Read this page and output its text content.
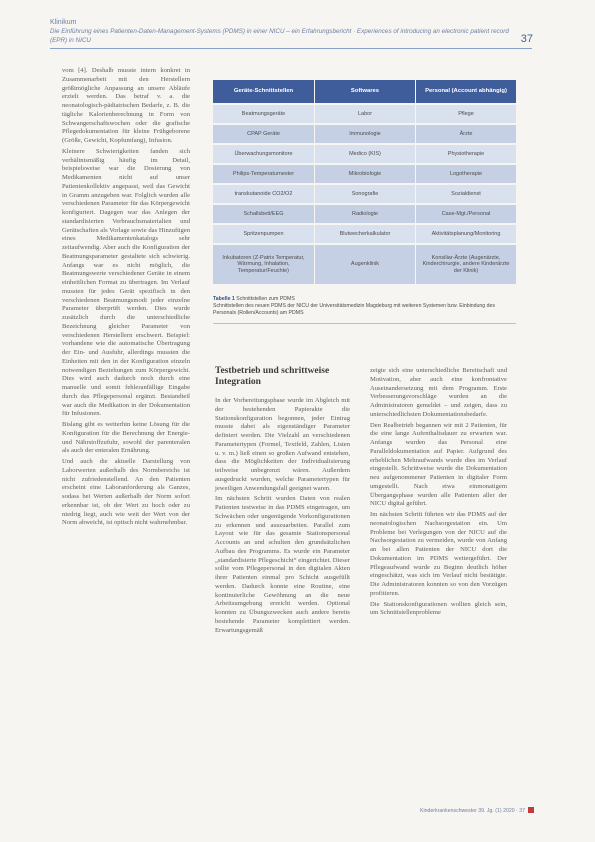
Klinikum
Die Einführung eines Patienten-Daten-Management-Systems (PDMS) in einer NICU – ein Erfahrungsbericht · Experiences of introducing an electronic patient record (EPR) in NICU	37

vom [4]. Deshalb musste intern konkret in Zusammenarbeit mit den Herstellern größtmögliche Anpassung an unsere Abläufe erzielt werden. Das betraf v. a. die neonatologisch-pädiatrischen Bedarfe, z. B. die tägliche Kalorienberechnung in Form von Schwangerschaftswochen oder die grafische Pflegedokumentation für kleine Frühgeborene (Größe, Gewicht, Kopfumfang), Infusion.

Kleinere Schwierigkeiten fanden sich verhältnismäßig häufig im Detail, beispielsweise war die Dosierung von Medikamenten nicht auf unser Patientenkollektiv angepasst, weil das Gewicht in Gramm anzugeben war. Folglich wurden alle verschiedenen Parameter für das Körpergewicht konfiguriert. Dagegen war das Anlegen der standardisierten Verbrauchsmaterialien und Gerätschaften als Vorlage sowie das Hinzufügen eines Medikamentenkatalogs sehr zeitaufwendig. Aber auch die Konfiguration der Beatmungsparameter gestaltete sich schwierig. Anfangs war es nicht möglich, die Beatmungswerte verschiedener Geräte in einem einheitlichen Format zu übertragen. Im Verlauf mussten für jedes Gerät spezifisch in den verschiedenen Beatmungsmodi jeder einzelne Parameter überprüft werden. Dies wurde zusätzlich durch die unterschiedliche Bezeichnung gleicher Parameter von verschiedenen Herstellern erschwert. Beispiel: vorhandene wie die automatische Übertragung der Ein- und Ausfuhr, allerdings mussten die Einheiten mit den in der Konfiguration einzeln notwendigen Beziehungen zum Körpergewicht. Dies wird auch dadurch noch durch eine manuelle und somit fehleranfällige Eingabe durch das Pflegepersonal ergänzt. Bestandteil war auch die Medikation in der Dokumentation für Infusionen.

Bislang gibt es weiterhin keine Lösung für die Konfiguration für die Berechnung der Energie- und Nährstoffzufuhr, sowohl der parenteralen als auch der enteralen Ernährung.

Und auch die aktuelle Darstellung von Laborwerten außerhalb des Normbereichs ist nicht zufriedenstellend. An den Patienten erscheint eine Laboranforderung als Ganzes, sodass bei Werten außerhalb der Norm sofort erkennbar ist, ob der Wert zu hoch oder zu niedrig liegt, auch wie weit der Wert von der Norm abweicht, ist optisch nicht wahrnehmbar.

Geräte-Schnittstellen	Softwares	Personal (Account abhängig)
Beatmungsgeräte	Labor	Pflege
CPAP Geräte	Immunologie	Ärzte
Überwachungsmonitore	Medico (KIS)	Physiotherapie
Philips-Temperaturnester	Mikrobiologie	Logotherapie
transkutanoide CO2/O2	Sonografie	Sozialdienst
Schallsbett/EEG	Radiologie	Case-Mgt./Personal
Spritzenpumpen	Blutwecherkalkulator	Aktivitätsplanung/Monitoring
Inkubatoren (Z-Patrix Temperatur, Wärmung, Inhalation, Temperatur/Feuchte)	Augenklinik	Konsiliar-Ärzte (Augenärzte, Kinderchirurgie, andere Kinderärzte der Klinik)
Tabelle 1 Schnittstellen zum PDMS
Schnittstellen des neuen PDMS der NICU der Universitätsmedizin Magdeburg mit weiteren Systemen bzw. Einbindung des Personals (Rollen/Accounts) am PDMS
Testbetrieb und schrittweise Integration

In der Vorbereitungsphase wurde im Abgleich mit der bestehenden Papierakte die Stationskonfiguration begonnen, jeder Eintrag musste dabei als eigenständiger Parameter definiert werden. Die Vielzahl an verschiedenen Parametertypen (Formel, Textfeld, Zahlen, Listen u. v. m.) ließ einen so großen Aufwand entstehen, dass die Möglichkeiten der Individualisierung teilweise unbegrenzt wären. Außerdem ausgedruckt wurden, welche Parametertypen für jeweiligen Anwendungsfall geeignet waren.

Im nächsten Schritt wurden Daten von realen Patienten testweise in das PDMS eingetragen, um Schwächen oder ungenügende Vorkonfigurationen zu erkennen und auszuarbeiten. Parallel zum Layout wie für das gesamte Stationspersonal Accounts an und schulten den grundsätzlichen Aufbau des Programms. Es wurde ein Parameter „standardisierte Pflegeschicht“ eingerichtet. Dieser sollte vom Pflegepersonal in den digitalen Akten ihrer Patienten einmal pro Schicht ausgefüllt werden. Dadurch konnte eine Routine, eine kontinuierliche Gewöhnung an die neue Arbeitsumgebung erreicht werden. Optional konnten zu Übungszwecken auch andere bereits bestehende Parameter komplettiert werden. Erwartungsgemäß

zeigte sich eine unterschiedliche Bereitschaft und Motivation, aber auch eine konfrontative Auseinandersetzung mit dem Programm. Erste Verbesserungsvorschläge wurden an die Administratoren gemeldet – und zeigen, dass zu unterschiedlichsten Dokumentationsbedarfe.

Den Realbetrieb begannen wir mit 2 Patienten, für die eine lange Aufenthaltsdauer zu erwarten war. Anfangs wurden das Personal eine Paralleldokumentation auf Papier. Aufgrund des erheblichen Mehraufwands wurde dies im Verlauf eingestellt. Schrittweise wurde die Dokumentation neu aufgenommener Patienten in digitaler Form umgestellt. Nach etwa einmonatigem Übergangsphase wurden alle Patienten aller der NICU digital geführt.

Im nächsten Schritt führten wir das PDMS auf der neonatologischen Nachsorgestation ein. Um Probleme bei Verlegungen von der NICU auf die Nachsorgestation zu vermeiden, wurde von Anfang an bei allen Patienten der NICU dort die Dokumentation im PDMS weitergeführt. Der Pflegeaufwand wurde zu Beginn deutlich höher eingeschätzt, was sich im Verlauf nicht bestätigte. Die Administratoren konnten so von den Vorzügen profitieren.

Die Stationskonfigurationen wollten gleich sein, um Schnittstellenprobleme

Kinderkrankenschwester 39. Jg. (1) 2020 · 37
